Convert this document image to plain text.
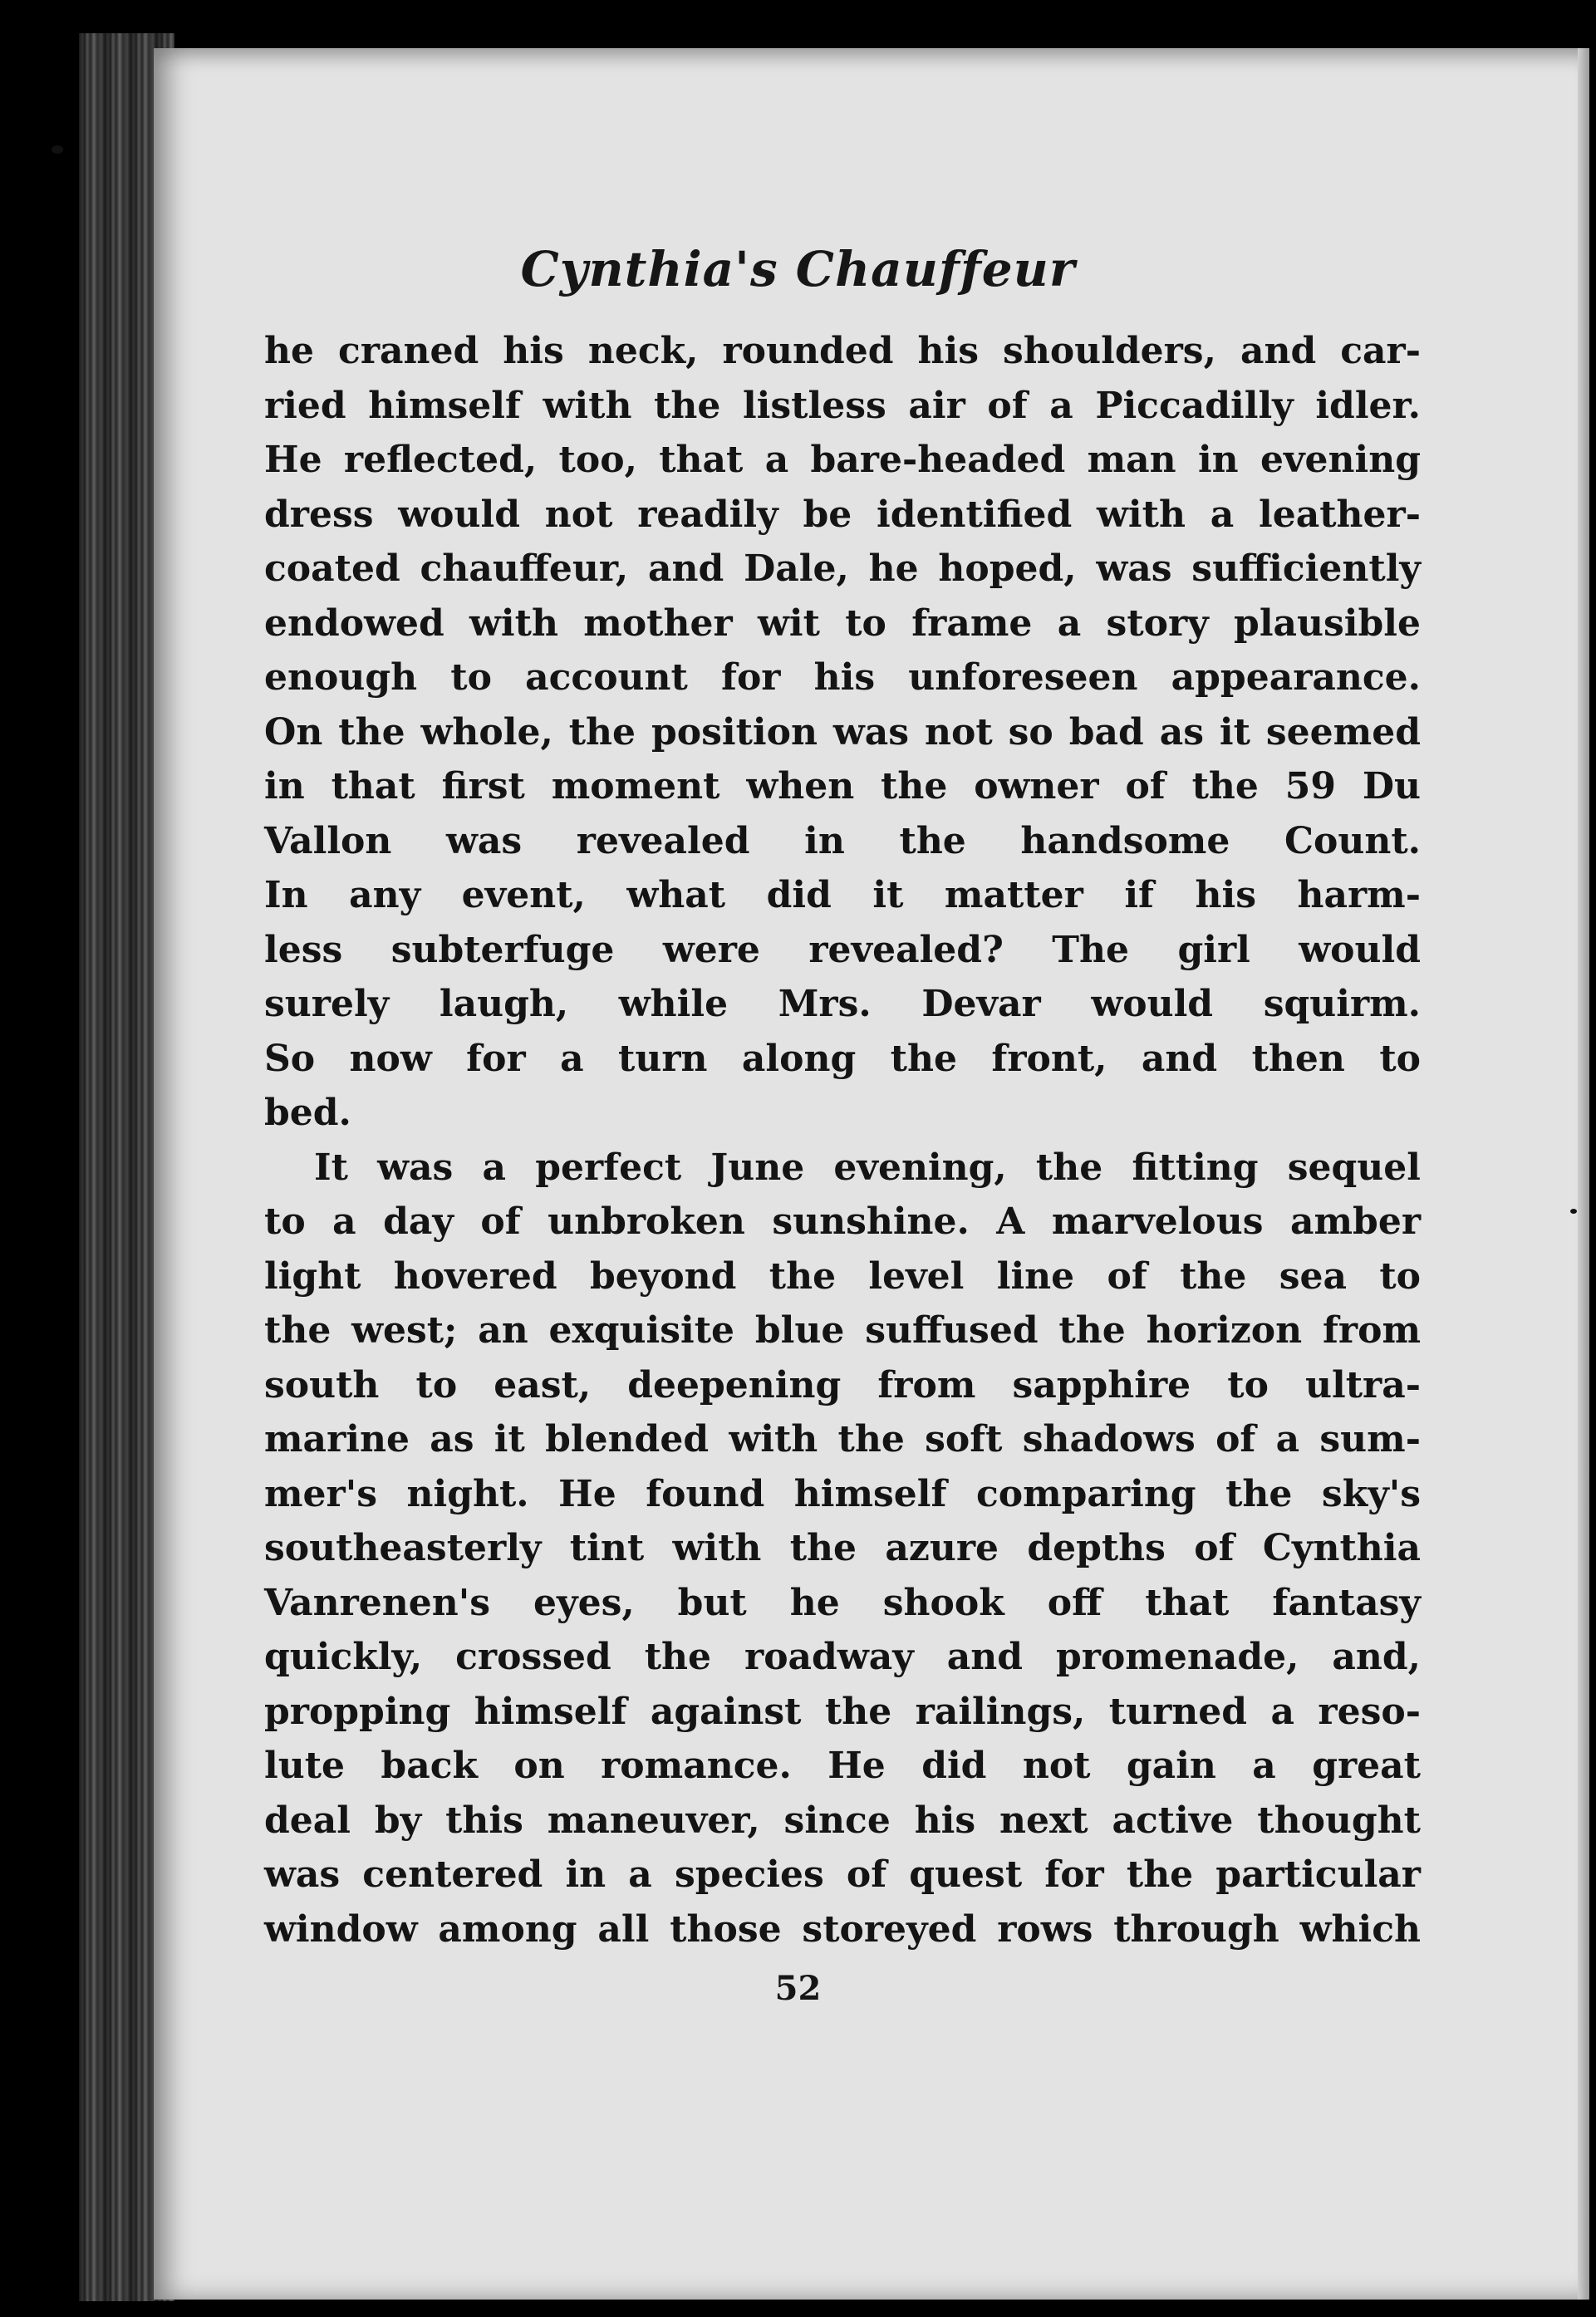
Cynthia's Chauffeur
he craned his neck, rounded his shoulders, and car-
ried himself with the listless air of a Piccadilly idler.
He reflected, too, that a bare-headed man in evening
dress would not readily be identified with a leather-
coated chauffeur, and Dale, he hoped, was sufficiently
endowed with mother wit to frame a story plausible
enough to account for his unforeseen appearance.
On the whole, the position was not so bad as it seemed
in that first moment when the owner of the 59 Du
Vallon was revealed in the handsome Count.
In any event, what did it matter if his harm-
less subterfuge were revealed? The girl would
surely laugh, while Mrs. Devar would squirm.
So now for a turn along the front, and then to
bed.
It was a perfect June evening, the fitting sequel
to a day of unbroken sunshine. A marvelous amber
light hovered beyond the level line of the sea to
the west; an exquisite blue suffused the horizon from
south to east, deepening from sapphire to ultra-
marine as it blended with the soft shadows of a sum-
mer's night. He found himself comparing the sky's
southeasterly tint with the azure depths of Cynthia
Vanrenen's eyes, but he shook off that fantasy
quickly, crossed the roadway and promenade, and,
propping himself against the railings, turned a reso-
lute back on romance. He did not gain a great
deal by this maneuver, since his next active thought
was centered in a species of quest for the particular
window among all those storeyed rows through which
52
